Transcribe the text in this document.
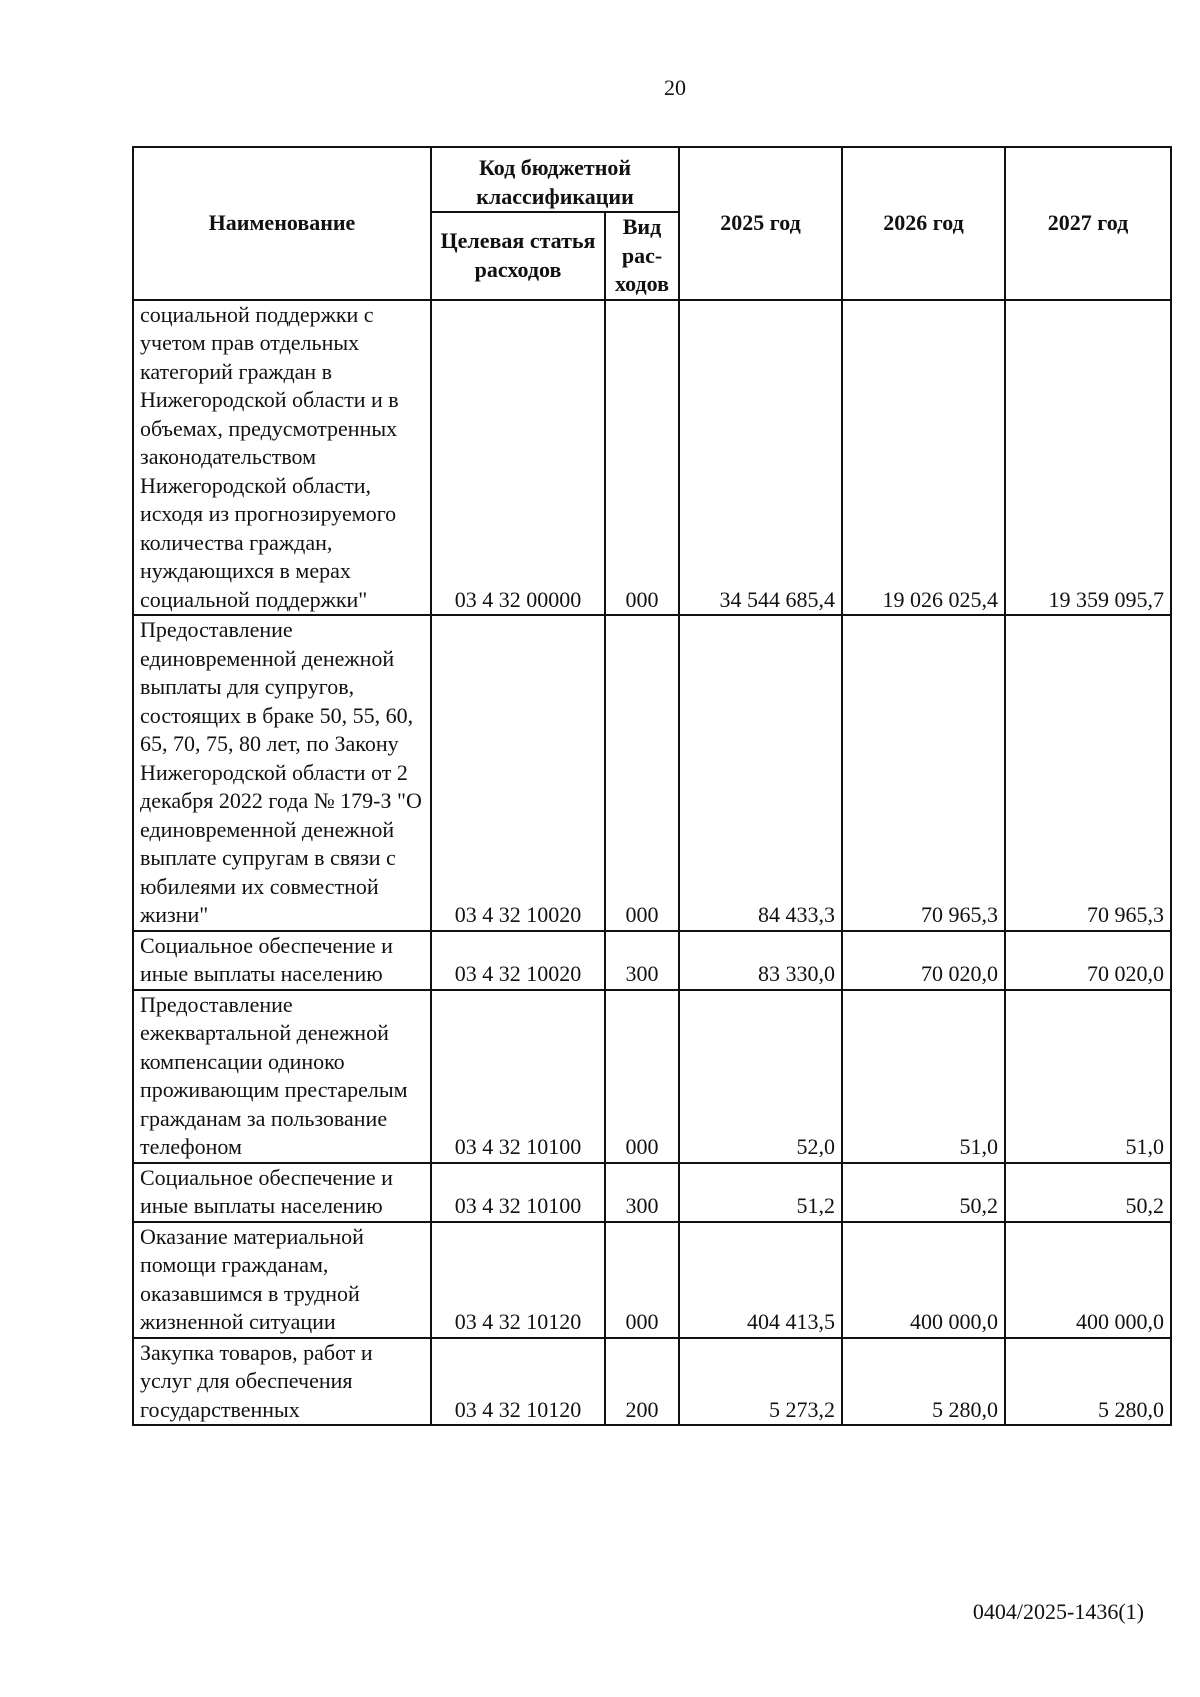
20
Наименование	Код бюджетной классификации		2025 год	2026 год	2027 год
	Целевая статья расходов	Вид рас-ходов			
социальной поддержки с учетом прав отдельных категорий граждан в Нижегородской области и в объемах, предусмотренных законодательством Нижегородской области, исходя из прогнозируемого количества граждан, нуждающихся в мерах социальной поддержки"	03 4 32 00000	000	34 544 685,4	19 026 025,4	19 359 095,7
Предоставление единовременной денежной выплаты для супругов, состоящих в браке 50, 55, 60, 65, 70, 75, 80 лет, по Закону Нижегородской области от 2 декабря 2022 года № 179-З "О единовременной денежной выплате супругам в связи с юбилеями их совместной жизни"	03 4 32 10020	000	84 433,3	70 965,3	70 965,3
Социальное обеспечение и иные выплаты населению	03 4 32 10020	300	83 330,0	70 020,0	70 020,0
Предоставление ежеквартальной денежной компенсации одиноко проживающим престарелым гражданам за пользование телефоном	03 4 32 10100	000	52,0	51,0	51,0
Социальное обеспечение и иные выплаты населению	03 4 32 10100	300	51,2	50,2	50,2
Оказание материальной помощи гражданам, оказавшимся в трудной жизненной ситуации	03 4 32 10120	000	404 413,5	400 000,0	400 000,0
Закупка товаров, работ и услуг для обеспечения государственных	03 4 32 10120	200	5 273,2	5 280,0	5 280,0
0404/2025-1436(1)
